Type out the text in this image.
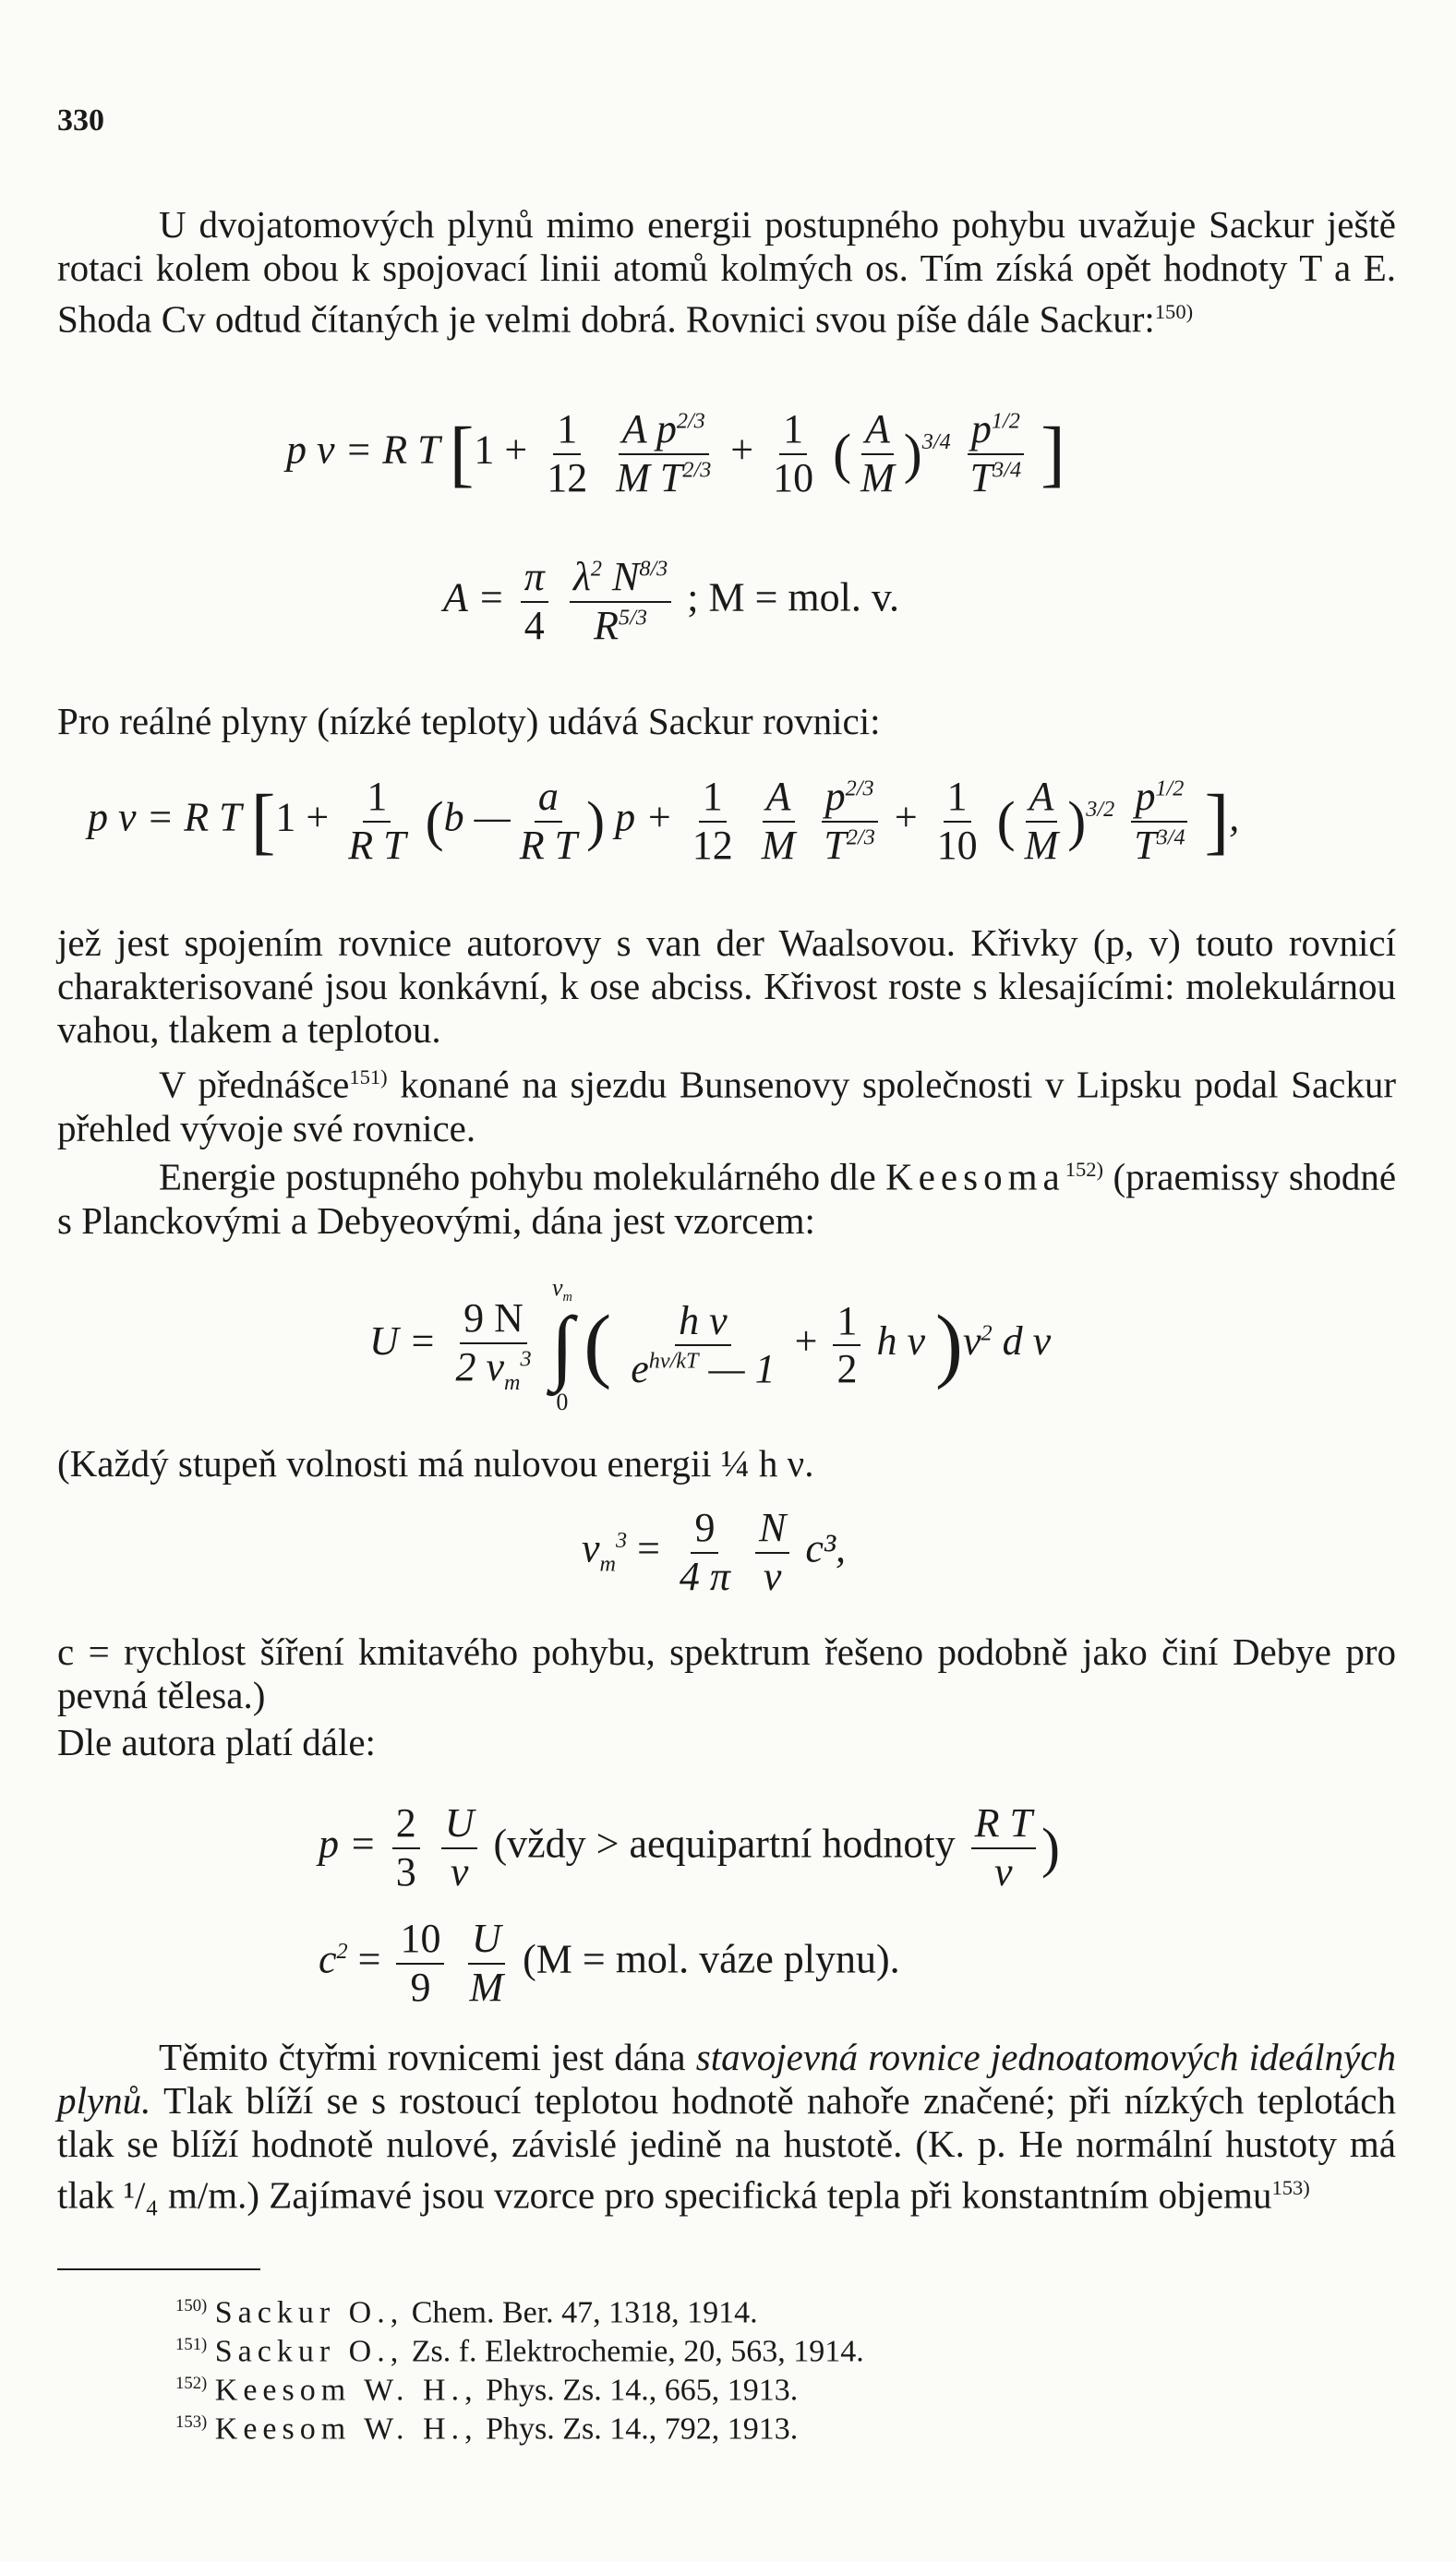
330
U dvojatomových plynů mimo energii postupného pohybu uvažuje Sackur ještě rotaci kolem obou k spojovací linii atomů kolmých os. Tím získá opět hodnoty T a E. Shoda Cv odtud čítaných je velmi dobrá. Rovnici svou píše dále Sackur:$^{150)}$
p v = R T [$1 + \frac{1}{12}$
$\frac{A p^{2/3}}{M T^{2/3}} + \frac{1}{10}$ ( $\frac{A}{M} )^{3/4} \frac{p^{1/2}}{T^{3/4}}$ ]
$A = \frac{\pi}{4}$
$\frac{\lambda^2 N^{8/3}}{R^{5/3}}$ ; M = mol. v.
Pro reálné plyny (nízké teploty) udává Sackur rovnici:
p v = R T [$1 + \frac{1}{\text{R T}} (b$ — $\frac{a}{\text{R T}}$ ) $p + \frac{1}{12}$
$\frac{A}{M}$
$\frac{p^{2/3}}{T^{2/3}} + \frac{1}{10}$ ( $\frac{A}{M} )^{3/2} \frac{p^{1/2}}{T^{3/4}}$ ],
jež jest spojením rovnice autorovy s van der Waalsovou. Křivky (p, v) touto rovnicí charakterisované jsou konkávní, k ose abciss. Křivost roste s klesajícími: molekulárnou vahou, tlakem a teplotou.
V přednášce$^{151)}$ konané na sjezdu Bunsenovy společnosti v Lipsku podal Sackur přehled vývoje své rovnice.
Energie postupného pohybu molekulárného dle Keesoma$^{152)}$ (praemissy shodné s Planckovými a Debyeovými, dána jest vzorcem:
$U = \frac{9 N}{2 \nu_m^3}$

$\nu_m$
∫
0
( $\frac{\text{h ν}}{e^{h\nu/kT} — 1} + \frac{1}{2}$ h ν )$\nu^2$ d ν
(Každý stupeň volnosti má nulovou energii ¼ h ν.
$\nu_m^3 = \frac{9}{4 \pi}$
$\frac{N}{v} c^3$,
c = rychlost šíření kmitavého pohybu, spektrum řešeno podobně jako činí Debye pro pevná tělesa.)
Dle autora platí dále:
$p = \frac{2}{3}$
$\frac{U}{v}$ (vždy > aequipartní hodnoty $\frac{\text{R T}}{v}$ )
$c^2 = \frac{10}{9}$
$\frac{U}{M} (M$ = mol. váze plynu).
Těmito čtyřmi rovnicemi jest dána stavojevná rovnice jednoatomových ideálných plynů. Tlak blíží se s rostoucí teplotou hodnotě nahoře značené; při nízkých teplotách tlak se blíží hodnotě nulové, závislé jedině na hustotě. (K. p. He normální hustoty má tlak ¹/₄ m/m.) Zajímavé jsou vzorce pro specifická tepla při konstantním objemu$^{153)}$
$^{150)}$ Sackur O., Chem. Ber. 47, 1318, 1914.
$^{151)}$ Sackur O., Zs. f. Elektrochemie, 20, 563, 1914.
$^{152)}$ Keesom W. H., Phys. Zs. 14., 665, 1913.
$^{153)}$ Keesom W. H., Phys. Zs. 14., 792, 1913.
